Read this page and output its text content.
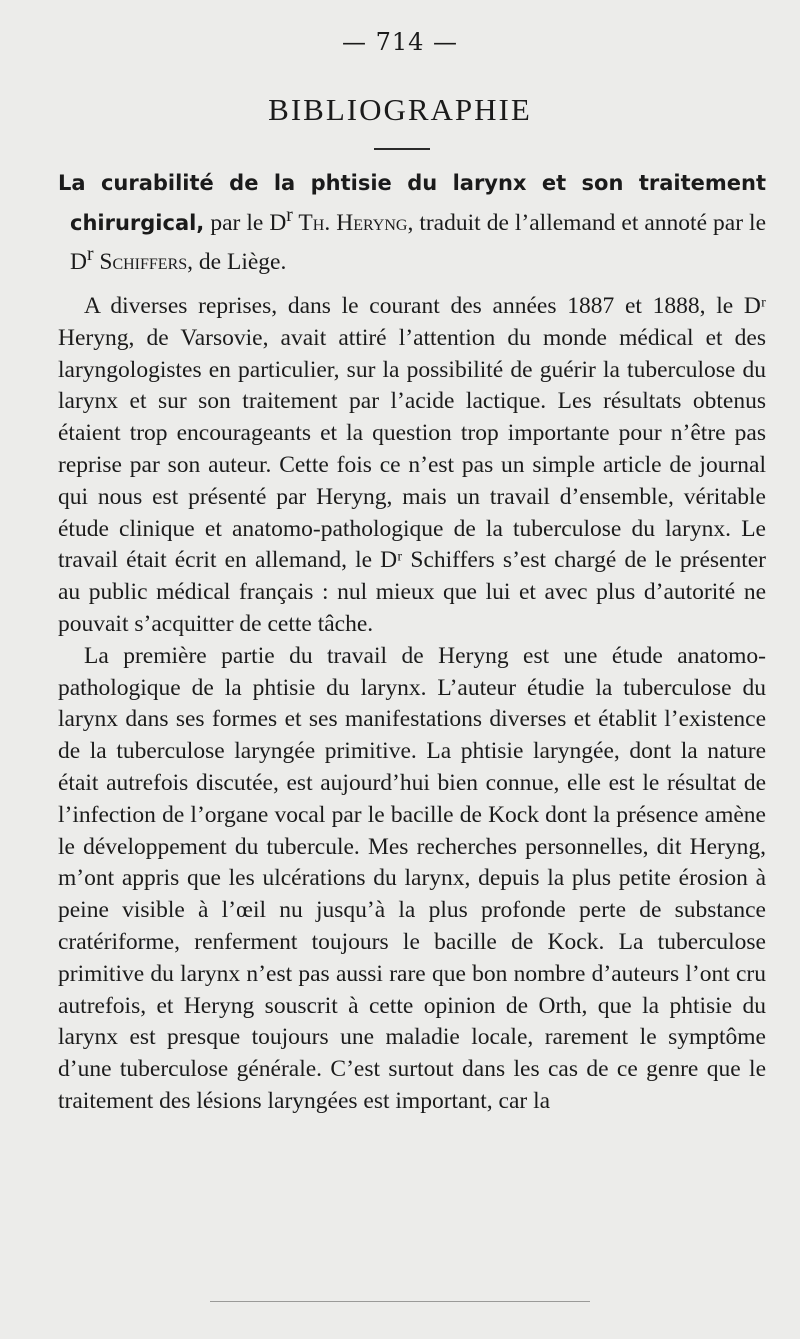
— 714 —
BIBLIOGRAPHIE

La curabilité de la phtisie du larynx et son traitement chirurgical, par le $D^r$ Th. Heryng, traduit de l’allemand et annoté par le $D^r$ Schiffers, de Liège.

A diverses reprises, dans le courant des années 1887 et 1888, le Dʳ Heryng, de Varsovie, avait attiré l’attention du monde médical et des laryngologistes en particulier, sur la possibilité de guérir la tuberculose du larynx et sur son traitement par l’acide lactique. Les résultats obtenus étaient trop encourageants et la question trop importante pour n’être pas reprise par son auteur. Cette fois ce n’est pas un simple article de journal qui nous est présenté par Heryng, mais un travail d’ensemble, véritable étude clinique et anatomo-pathologique de la tuberculose du larynx. Le travail était écrit en allemand, le Dʳ Schiffers s’est chargé de le présenter au public médical français : nul mieux que lui et avec plus d’autorité ne pouvait s’acquitter de cette tâche.

La première partie du travail de Heryng est une étude anatomo-pathologique de la phtisie du larynx. L’auteur étudie la tuberculose du larynx dans ses formes et ses manifestations diverses et établit l’existence de la tuberculose laryngée primitive. La phtisie laryngée, dont la nature était autrefois discutée, est aujourd’hui bien connue, elle est le résultat de l’infection de l’organe vocal par le bacille de Kock dont la présence amène le développement du tubercule. Mes recherches personnelles, dit Heryng, m’ont appris que les ulcérations du larynx, depuis la plus petite érosion à peine visible à l’œil nu jusqu’à la plus profonde perte de substance cratériforme, renferment toujours le bacille de Kock. La tuberculose primitive du larynx n’est pas aussi rare que bon nombre d’auteurs l’ont cru autrefois, et Heryng souscrit à cette opinion de Orth, que la phtisie du larynx est presque toujours une maladie locale, rarement le symptôme d’une tuberculose générale. C’est surtout dans les cas de ce genre que le traitement des lésions laryngées est important, car la
